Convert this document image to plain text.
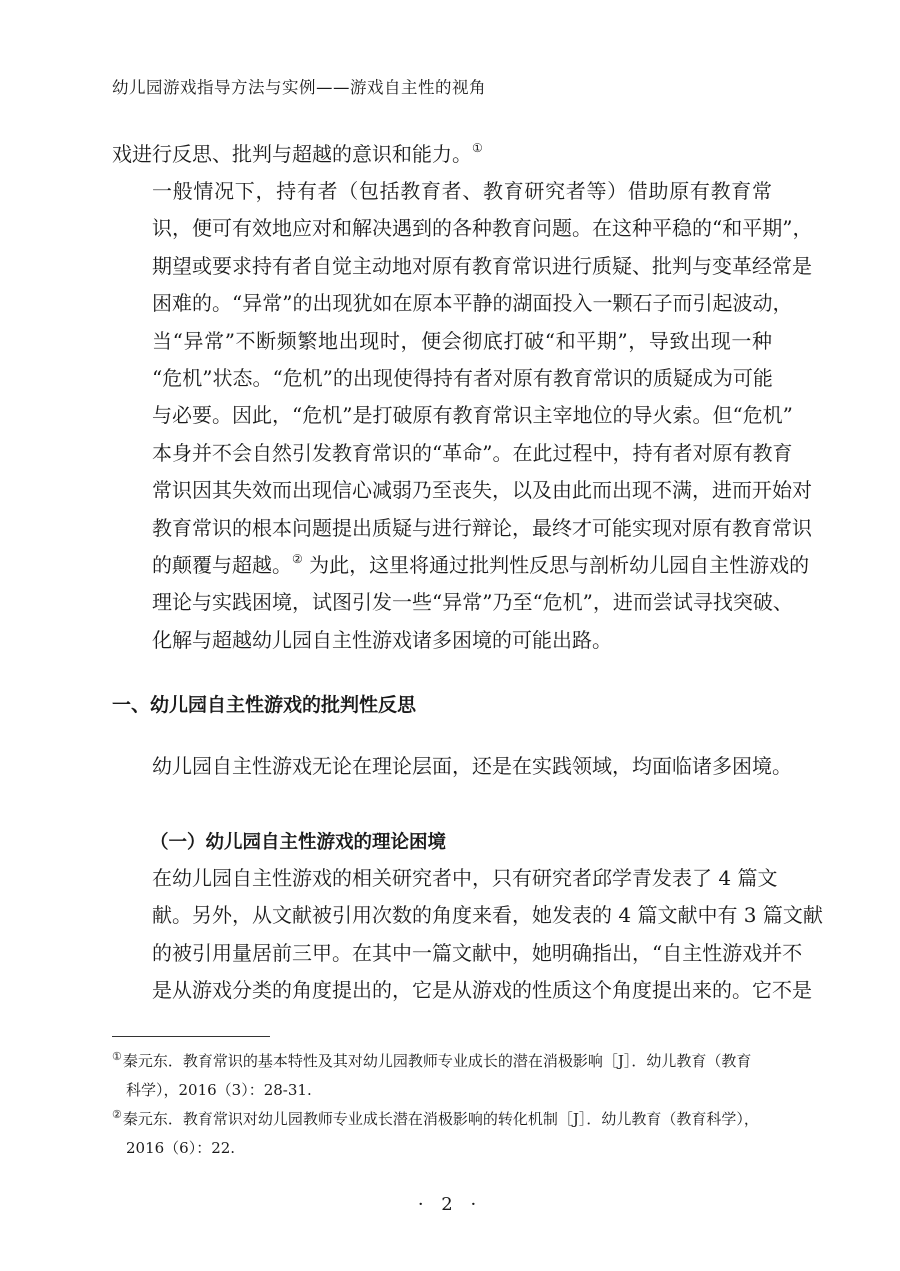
幼儿园游戏指导方法与实例——游戏自主性的视角
戏进行反思、批判与超越的意识和能力。①
一般情况下，持有者（包括教育者、教育研究者等）借助原有教育常
识，便可有效地应对和解决遇到的各种教育问题。在这种平稳的“和平期”，
期望或要求持有者自觉主动地对原有教育常识进行质疑、批判与变革经常是
困难的。“异常”的出现犹如在原本平静的湖面投入一颗石子而引起波动，
当“异常”不断频繁地出现时，便会彻底打破“和平期”，导致出现一种
“危机”状态。“危机”的出现使得持有者对原有教育常识的质疑成为可能
与必要。因此，“危机”是打破原有教育常识主宰地位的导火索。但“危机”
本身并不会自然引发教育常识的“革命”。在此过程中，持有者对原有教育
常识因其失效而出现信心减弱乃至丧失，以及由此而出现不满，进而开始对
教育常识的根本问题提出质疑与进行辩论，最终才可能实现对原有教育常识
的颠覆与超越。② 为此，这里将通过批判性反思与剖析幼儿园自主性游戏的
理论与实践困境，试图引发一些“异常”乃至“危机”，进而尝试寻找突破、
化解与超越幼儿园自主性游戏诸多困境的可能出路。
一、幼儿园自主性游戏的批判性反思
幼儿园自主性游戏无论在理论层面，还是在实践领域，均面临诸多困境。
（一）幼儿园自主性游戏的理论困境
在幼儿园自主性游戏的相关研究者中，只有研究者邱学青发表了 4 篇文
献。另外，从文献被引用次数的角度来看，她发表的 4 篇文献中有 3 篇文献
的被引用量居前三甲。在其中一篇文献中，她明确指出，“自主性游戏并不
是从游戏分类的角度提出的，它是从游戏的性质这个角度提出来的。它不是
①秦元东．教育常识的基本特性及其对幼儿园教师专业成长的潜在消极影响［J］．幼儿教育（教育
科学），2016（3）：28-31.
②秦元东．教育常识对幼儿园教师专业成长潜在消极影响的转化机制［J］．幼儿教育（教育科学），
2016（6）：22.
· 2 ·
